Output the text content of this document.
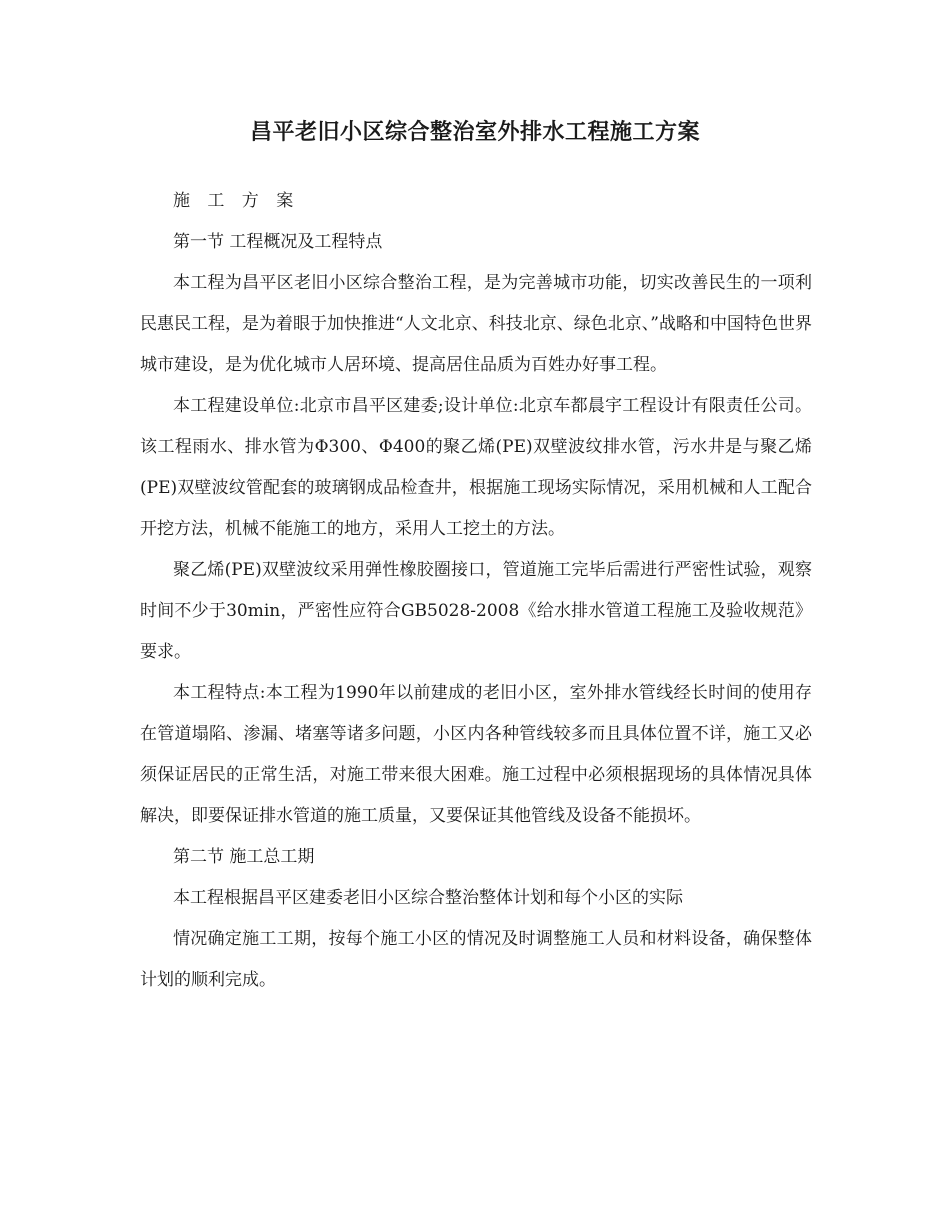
昌平老旧小区综合整治室外排水工程施工方案

施 工 方 案

第一节 工程概况及工程特点

本工程为昌平区老旧小区综合整治工程，是为完善城市功能，切实改善民生的一项利民惠民工程，是为着眼于加快推进“人文北京、科技北京、绿色北京、”战略和中国特色世界城市建设，是为优化城市人居环境、提高居住品质为百姓办好事工程。

本工程建设单位:北京市昌平区建委;设计单位:北京车都晨宇工程设计有限责任公司。该工程雨水、排水管为Φ300、Φ400的聚乙烯(PE)双壁波纹排水管，污水井是与聚乙烯(PE)双壁波纹管配套的玻璃钢成品检查井，根据施工现场实际情况，采用机械和人工配合开挖方法，机械不能施工的地方，采用人工挖土的方法。

聚乙烯(PE)双壁波纹采用弹性橡胶圈接口，管道施工完毕后需进行严密性试验，观察时间不少于30min，严密性应符合GB5028-2008《给水排水管道工程施工及验收规范》要求。

本工程特点:本工程为1990年以前建成的老旧小区，室外排水管线经长时间的使用存在管道塌陷、渗漏、堵塞等诸多问题，小区内各种管线较多而且具体位置不详，施工又必须保证居民的正常生活，对施工带来很大困难。施工过程中必须根据现场的具体情况具体解决，即要保证排水管道的施工质量，又要保证其他管线及设备不能损坏。

第二节 施工总工期

本工程根据昌平区建委老旧小区综合整治整体计划和每个小区的实际

情况确定施工工期，按每个施工小区的情况及时调整施工人员和材料设备，确保整体计划的顺利完成。
